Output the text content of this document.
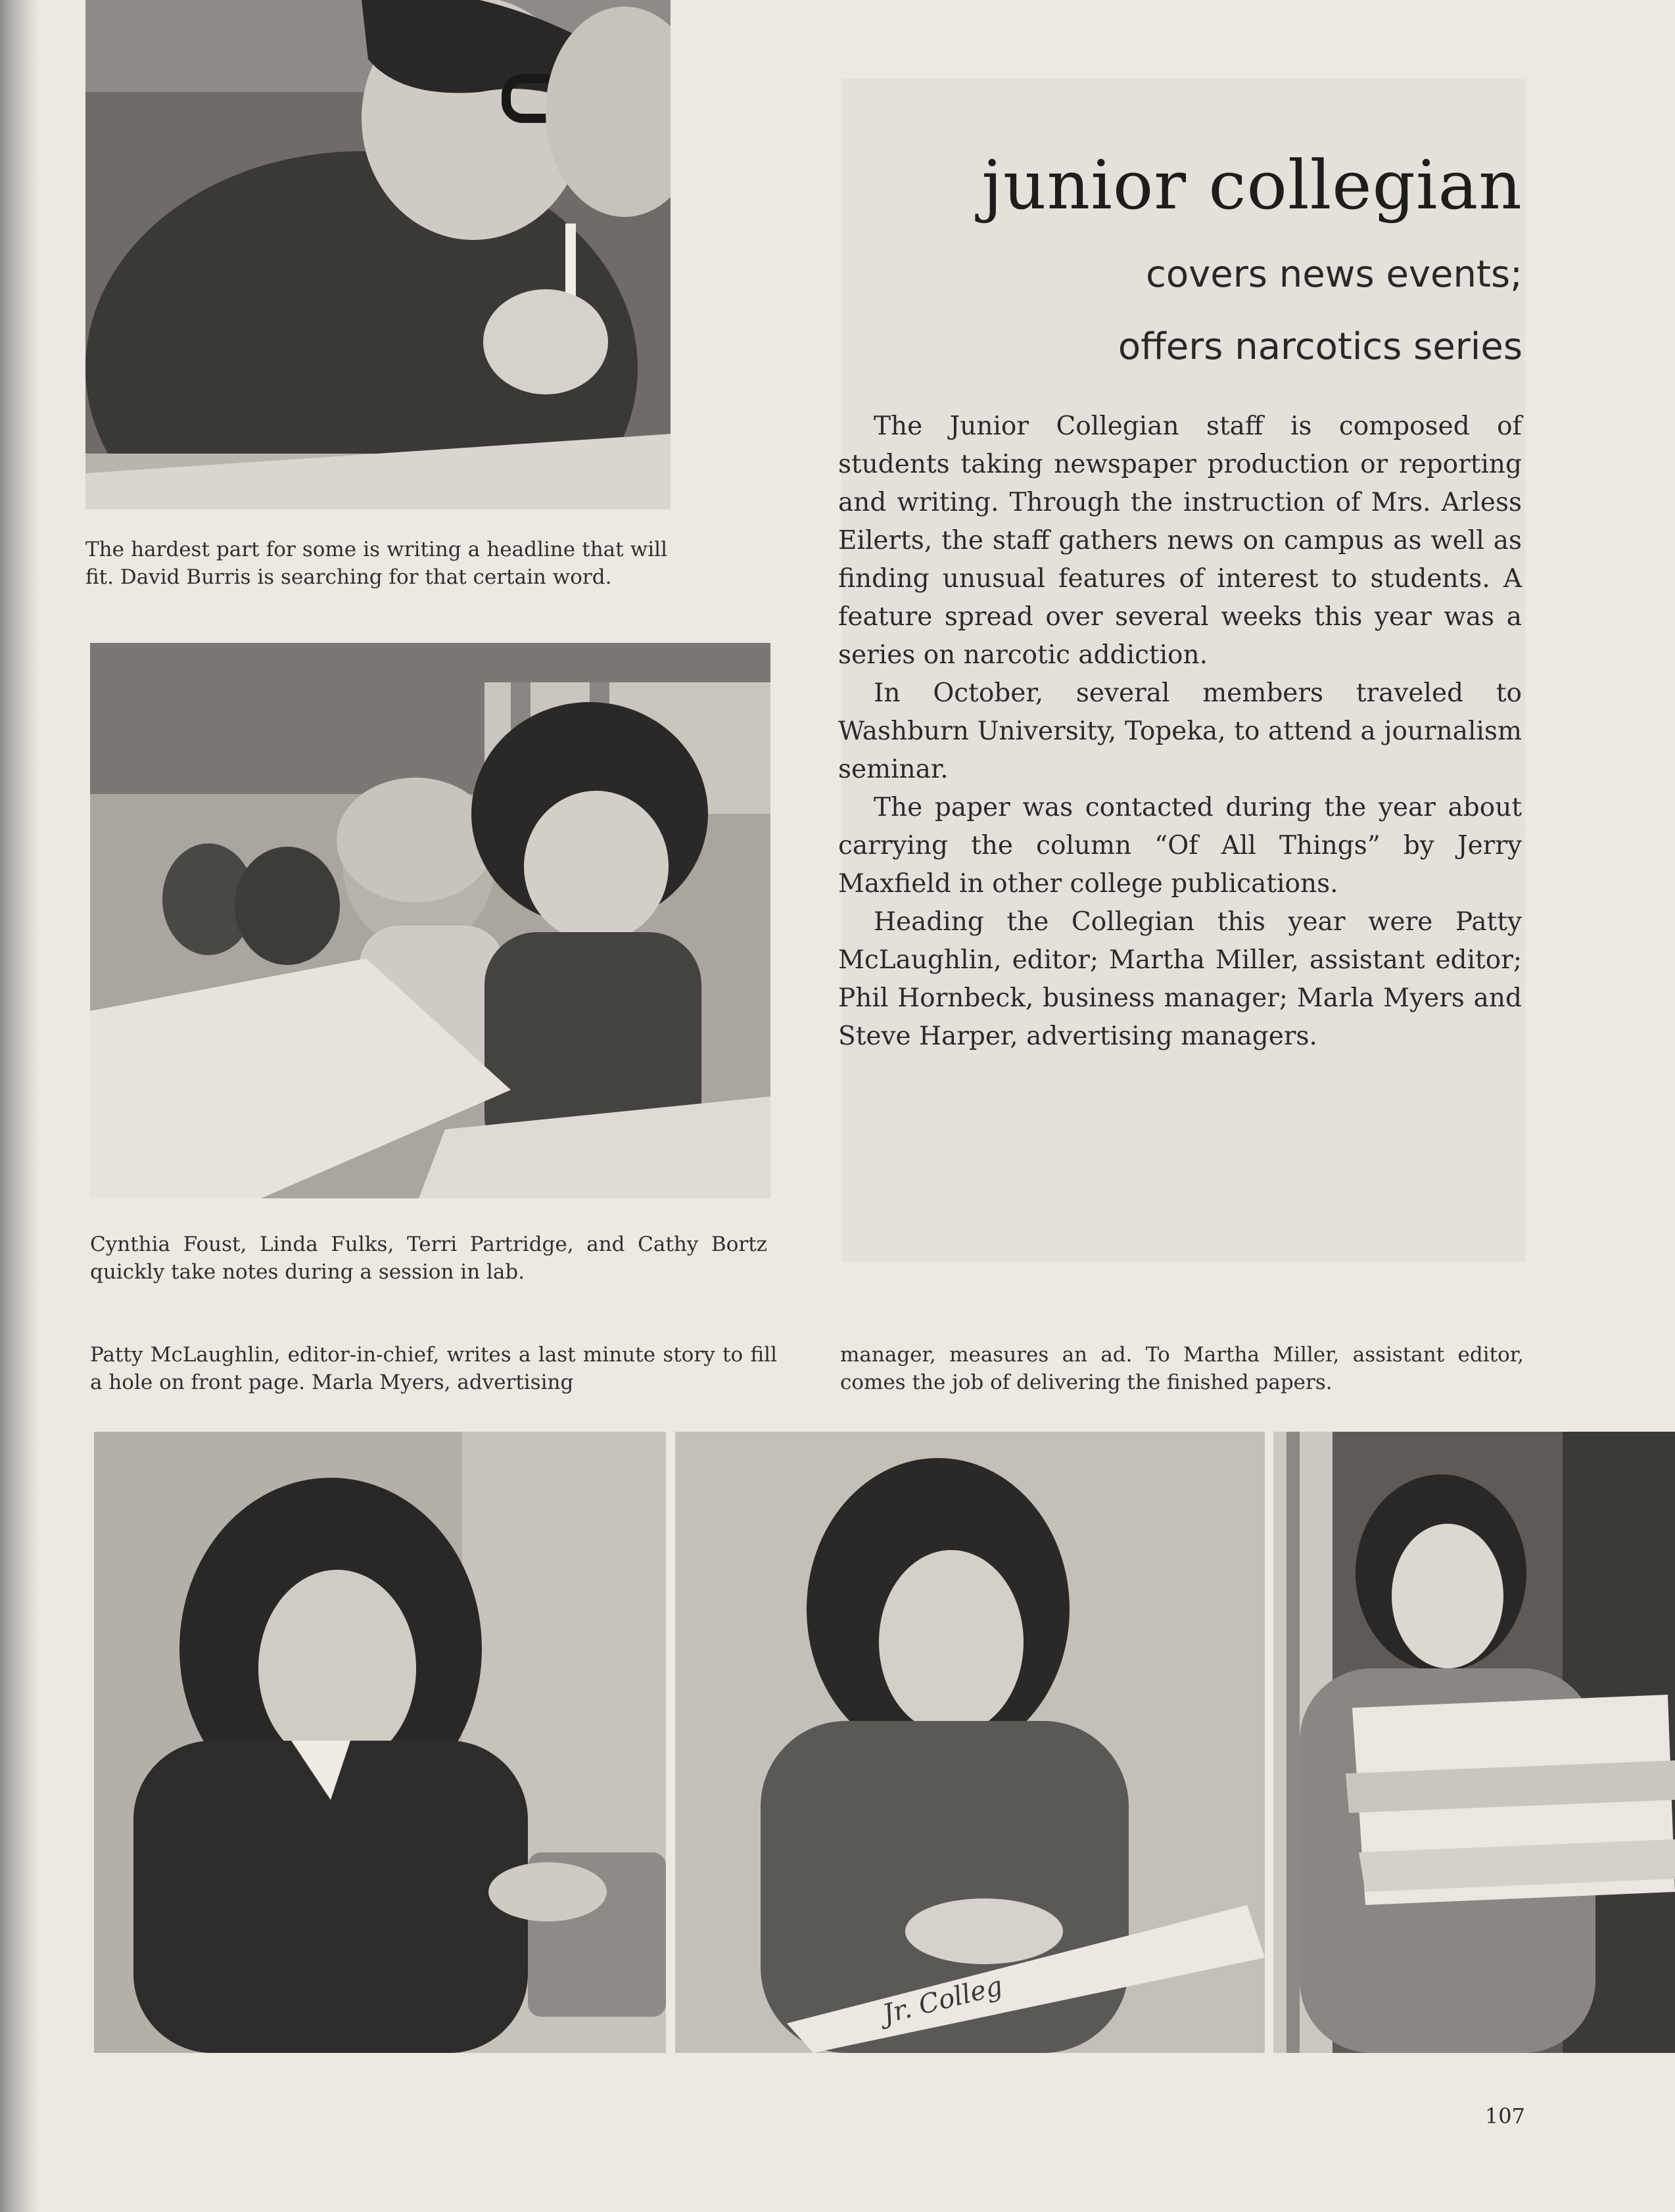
The hardest part for some is writing a headline that will fit. David Burris is searching for that certain word.
Cynthia Foust, Linda Fulks, Terri Partridge, and Cathy Bortz quickly take notes during a session in lab.
junior collegian
covers news events;
offers narcotics series

The Junior Collegian staff is composed of students taking newspaper production or reporting and writing. Through the instruction of Mrs. Arless Eilerts, the staff gathers news on campus as well as finding unusual features of interest to students. A feature spread over several weeks this year was a series on narcotic addiction.

In October, several members traveled to Washburn University, Topeka, to attend a journalism seminar.

The paper was contacted during the year about carrying the column “Of All Things” by Jerry Maxfield in other college publications.

Heading the Collegian this year were Patty McLaughlin, editor; Martha Miller, assistant editor; Phil Hornbeck, business manager; Marla Myers and Steve Harper, advertising managers.

Patty McLaughlin, editor-in-chief, writes a last minute story to fill a hole on front page. Marla Myers, advertising
manager, measures an ad. To Martha Miller, assistant editor, comes the job of delivering the finished papers.
Jr. Colleg
107
